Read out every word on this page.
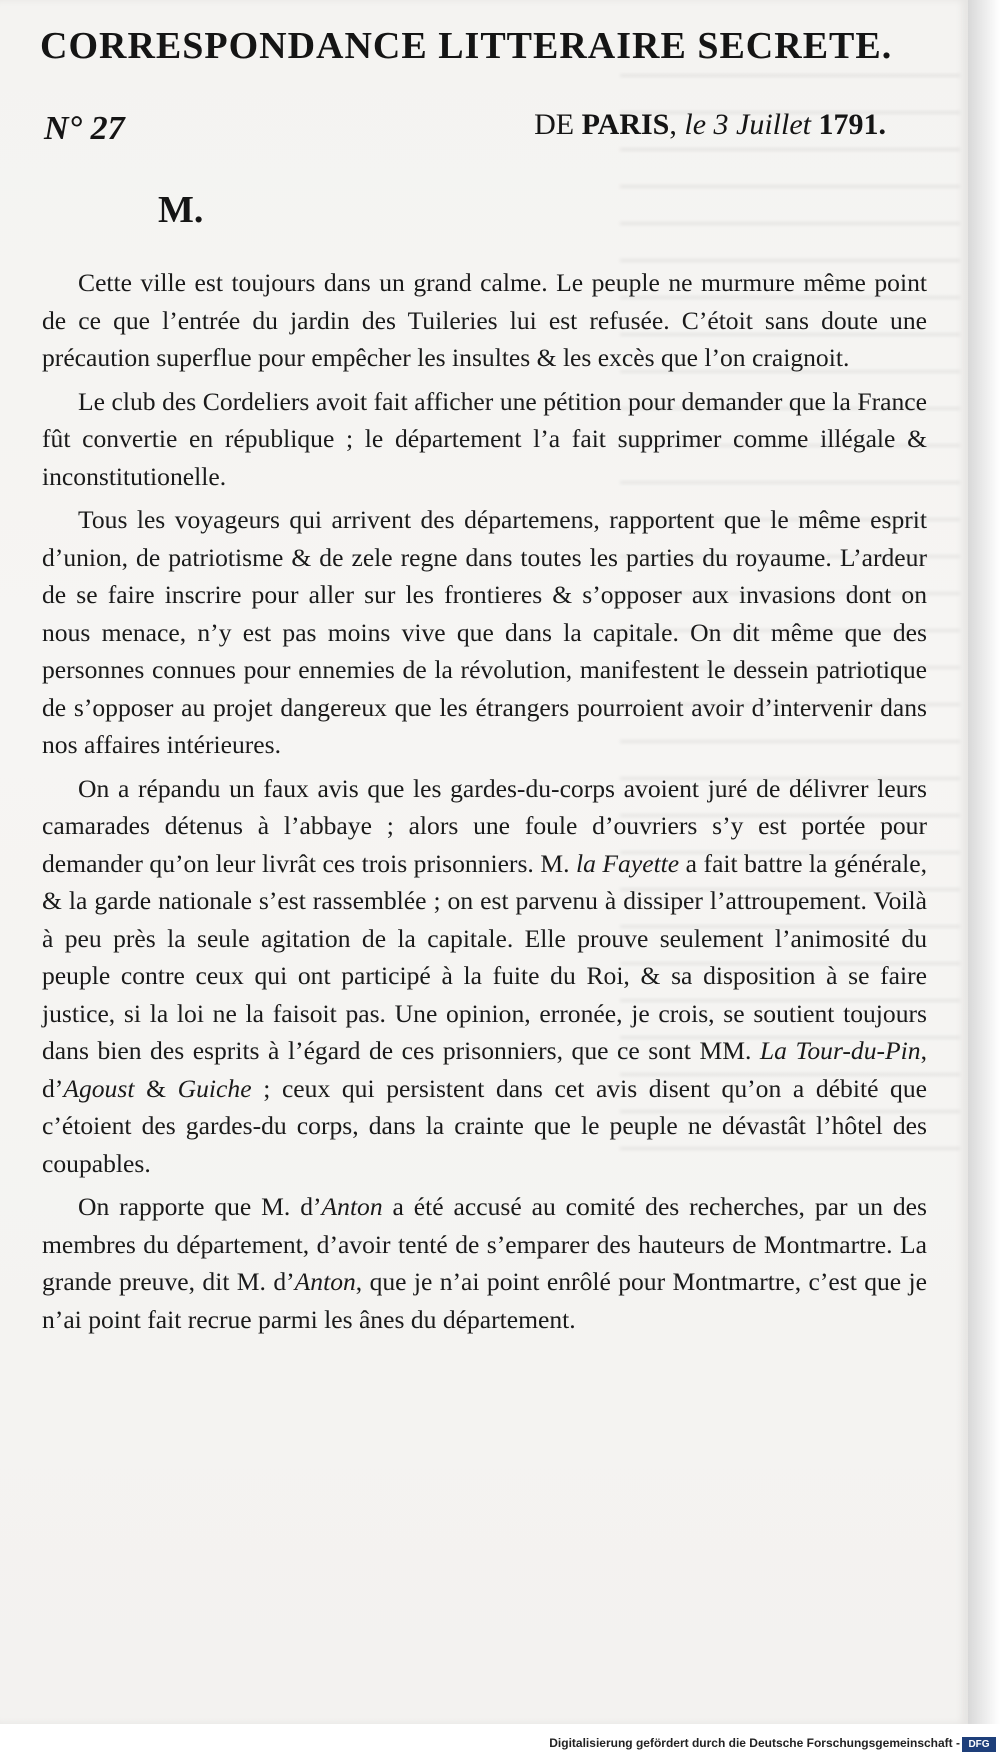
CORRESPONDANCE LITTERAIRE SECRETE.
N° 27	DE PARIS, le 3 Juillet 1791.
M.

Cette ville est toujours dans un grand calme. Le peuple ne murmure même point de ce que l’entrée du jardin des Tuileries lui est refusée. C’étoit sans doute une précaution superflue pour empêcher les insultes & les excès que l’on craignoit.

Le club des Cordeliers avoit fait afficher une pétition pour demander que la France fût convertie en république ; le département l’a fait supprimer comme illégale & inconstitutionelle.

Tous les voyageurs qui arrivent des départemens, rapportent que le même esprit d’union, de patriotisme & de zele regne dans toutes les parties du royaume. L’ardeur de se faire inscrire pour aller sur les frontieres & s’opposer aux invasions dont on nous menace, n’y est pas moins vive que dans la capitale. On dit même que des personnes connues pour ennemies de la révolution, manifestent le dessein patriotique de s’opposer au projet dangereux que les étrangers pourroient avoir d’intervenir dans nos affaires intérieures.

On a répandu un faux avis que les gardes-du-corps avoient juré de délivrer leurs camarades détenus à l’abbaye ; alors une foule d’ouvriers s’y est portée pour demander qu’on leur livrât ces trois prisonniers. M. la Fayette a fait battre la générale, & la garde nationale s’est rassemblée ; on est parvenu à dissiper l’attroupement. Voilà à peu près la seule agitation de la capitale. Elle prouve seulement l’animosité du peuple contre ceux qui ont participé à la fuite du Roi, & sa disposition à se faire justice, si la loi ne la faisoit pas. Une opinion, erronée, je crois, se soutient toujours dans bien des esprits à l’égard de ces prisonniers, que ce sont MM. La Tour-du-Pin, d’Agoust & Guiche ; ceux qui persistent dans cet avis disent qu’on a débité que c’étoient des gardes-du corps, dans la crainte que le peuple ne dévastât l’hôtel des coupables.

On rapporte que M. d’Anton a été accusé au comité des recherches, par un des membres du département, d’avoir tenté de s’emparer des hauteurs de Montmartre. La grande preuve, dit M. d’Anton, que je n’ai point enrôlé pour Montmartre, c’est que je n’ai point fait recrue parmi les ânes du département.

Digitalisierung gefördert durch die Deutsche Forschungsgemeinschaft - DFG
